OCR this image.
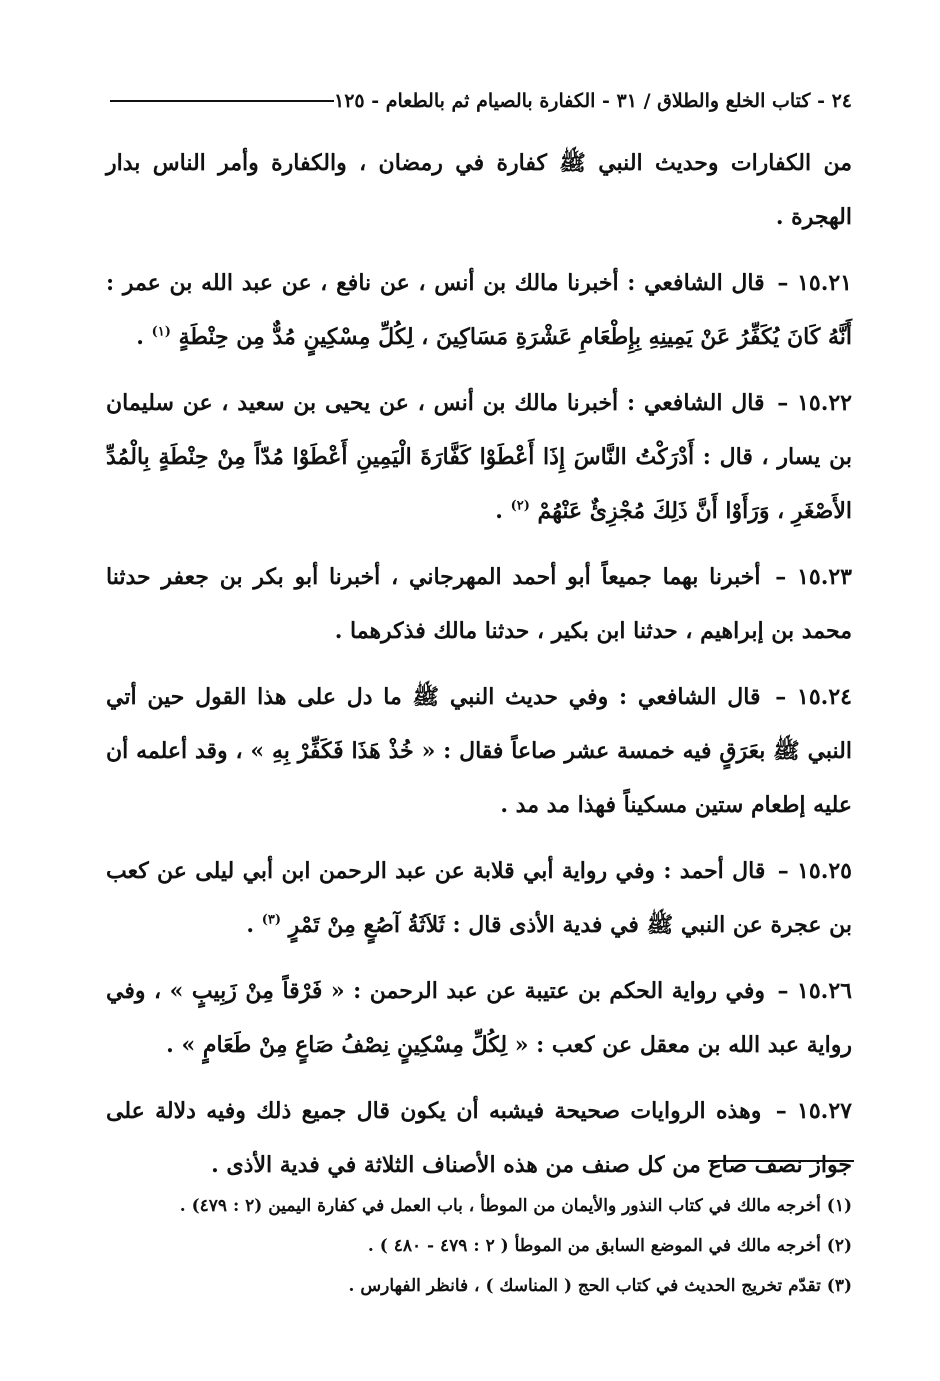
٢٤ - كتاب الخلع والطلاق / ٣١ - الكفارة بالصيام ثم بالطعام - ١٢٥

من الكفارات وحديث النبي ﷺ كفارة في رمضان ، والكفارة وأمر الناس بدار الهجرة .

١٥.٢١ – قال الشافعي : أخبرنا مالك بن أنس ، عن نافع ، عن عبد الله بن عمر : أَنَّهُ كَانَ يُكَفِّرُ عَنْ يَمِينِهِ بِإِطْعَامِ عَشْرَةِ مَسَاكِينَ ، لِكُلِّ مِسْكِينٍ مُدٌّ مِن حِنْطَةٍ $^{(١)}$ .

١٥.٢٢ – قال الشافعي : أخبرنا مالك بن أنس ، عن يحيى بن سعيد ، عن سليمان بن يسار ، قال : أَدْرَكْتُ النَّاسَ إِذَا أَعْطَوْا كَفَّارَةَ الْيَمِينِ أَعْطَوْا مُدّاً مِنْ حِنْطَةٍ بِالْمُدِّ الأَصْغَرِ ، وَرَأَوْا أَنَّ ذَلِكَ مُجْزِئٌ عَنْهُمْ $^{(٢)}$ .

١٥.٢٣ – أخبرنا بهما جميعاً أبو أحمد المهرجاني ، أخبرنا أبو بكر بن جعفر حدثنا محمد بن إبراهيم ، حدثنا ابن بكير ، حدثنا مالك فذكرهما .

١٥.٢٤ – قال الشافعي : وفي حديث النبي ﷺ ما دل على هذا القول حين أتي النبي ﷺ بعَرَقٍ فيه خمسة عشر صاعاً فقال : « خُذْ هَذَا فَكَفِّرْ بِهِ » ، وقد أعلمه أن عليه إطعام ستين مسكيناً فهذا مد مد .

١٥.٢٥ – قال أحمد : وفي رواية أبي قلابة عن عبد الرحمن ابن أبي ليلى عن كعب بن عجرة عن النبي ﷺ في فدية الأذى قال : ثَلاَثَةُ آصُعٍ مِنْ تَمْرٍ $^{(٣)}$ .

١٥.٢٦ – وفي رواية الحكم بن عتيبة عن عبد الرحمن : « فَرْقاً مِنْ زَبِيبٍ » ، وفي رواية عبد الله بن معقل عن كعب : « لِكُلِّ مِسْكِينٍ نِصْفُ صَاعٍ مِنْ طَعَامٍ » .

١٥.٢٧ – وهذه الروايات صحيحة فيشبه أن يكون قال جميع ذلك وفيه دلالة على جواز نصف صاع من كل صنف من هذه الأصناف الثلاثة في فدية الأذى .

(١) أخرجه مالك في كتاب النذور والأيمان من الموطأ ، باب العمل في كفارة اليمين (٢ : ٤٧٩) .

(٢) أخرجه مالك في الموضع السابق من الموطأ ( ٢ : ٤٧٩ - ٤٨٠ ) .

(٣) تقدّم تخريج الحديث في كتاب الحج ( المناسك ) ، فانظر الفهارس .
